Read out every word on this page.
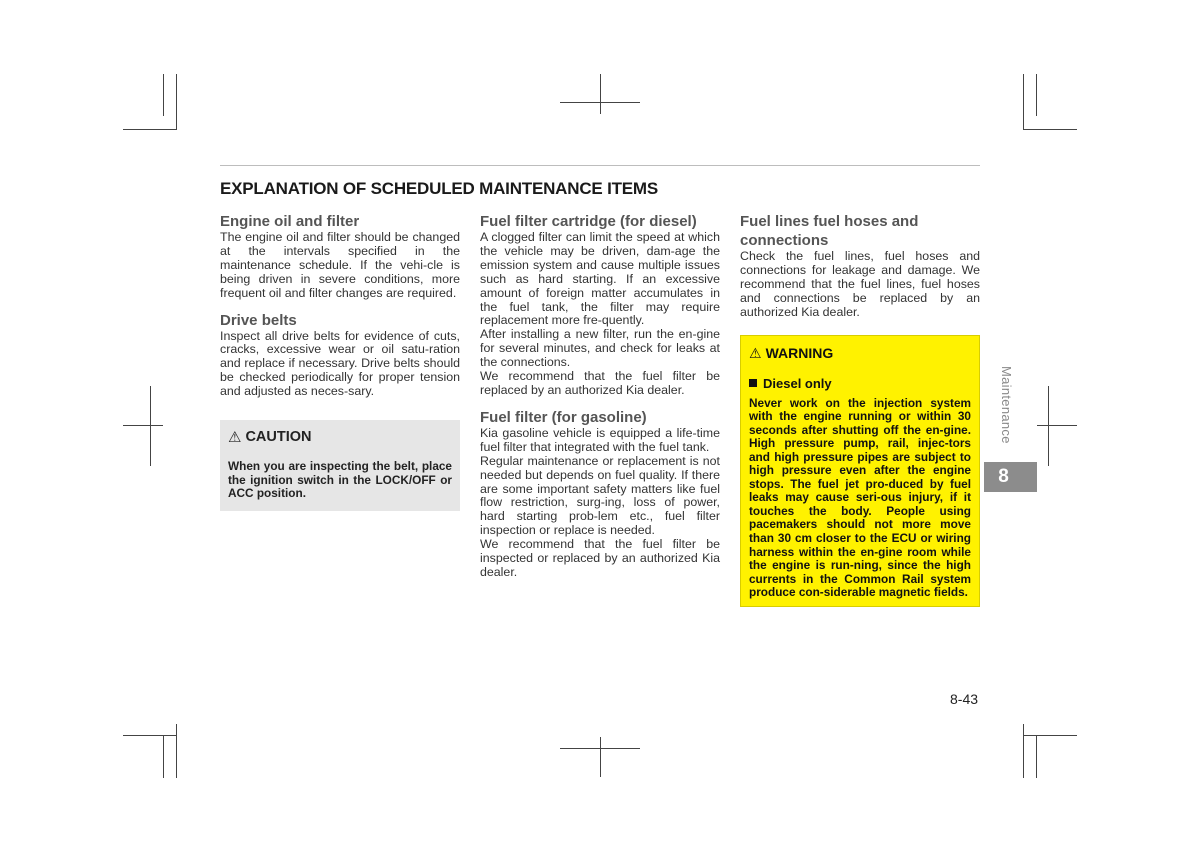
EXPLANATION OF SCHEDULED MAINTENANCE ITEMS
Engine oil and filter

The engine oil and filter should be changed at the intervals specified in the maintenance schedule. If the vehi-cle is being driven in severe conditions, more frequent oil and filter changes are required.

Drive belts

Inspect all drive belts for evidence of cuts, cracks, excessive wear or oil satu-ration and replace if necessary. Drive belts should be checked periodically for proper tension and adjusted as neces-sary.

⚠ CAUTION

When you are inspecting the belt, place the ignition switch in the LOCK/OFF or ACC position.

Fuel filter cartridge (for diesel)

A clogged filter can limit the speed at which the vehicle may be driven, dam-age the emission system and cause multiple issues such as hard starting. If an excessive amount of foreign matter accumulates in the fuel tank, the filter may require replacement more fre-quently.

After installing a new filter, run the en-gine for several minutes, and check for leaks at the connections.

We recommend that the fuel filter be replaced by an authorized Kia dealer.

Fuel filter (for gasoline)

Kia gasoline vehicle is equipped a life-time fuel filter that integrated with the fuel tank.

Regular maintenance or replacement is not needed but depends on fuel quality. If there are some important safety matters like fuel flow restriction, surg-ing, loss of power, hard starting prob-lem etc., fuel filter inspection or replace is needed.

We recommend that the fuel filter be inspected or replaced by an authorized Kia dealer.

Fuel lines fuel hoses and connections

Check the fuel lines, fuel hoses and connections for leakage and damage. We recommend that the fuel lines, fuel hoses and connections be replaced by an authorized Kia dealer.

⚠ WARNING
Diesel only

Never work on the injection system with the engine running or within 30 seconds after shutting off the en-gine. High pressure pump, rail, injec-tors and high pressure pipes are subject to high pressure even after the engine stops. The fuel jet pro-duced by fuel leaks may cause seri-ous injury, if it touches the body. People using pacemakers should not more move than 30 cm closer to the ECU or wiring harness within the en-gine room while the engine is run-ning, since the high currents in the Common Rail system produce con-siderable magnetic fields.

Maintenance
8
8-43
